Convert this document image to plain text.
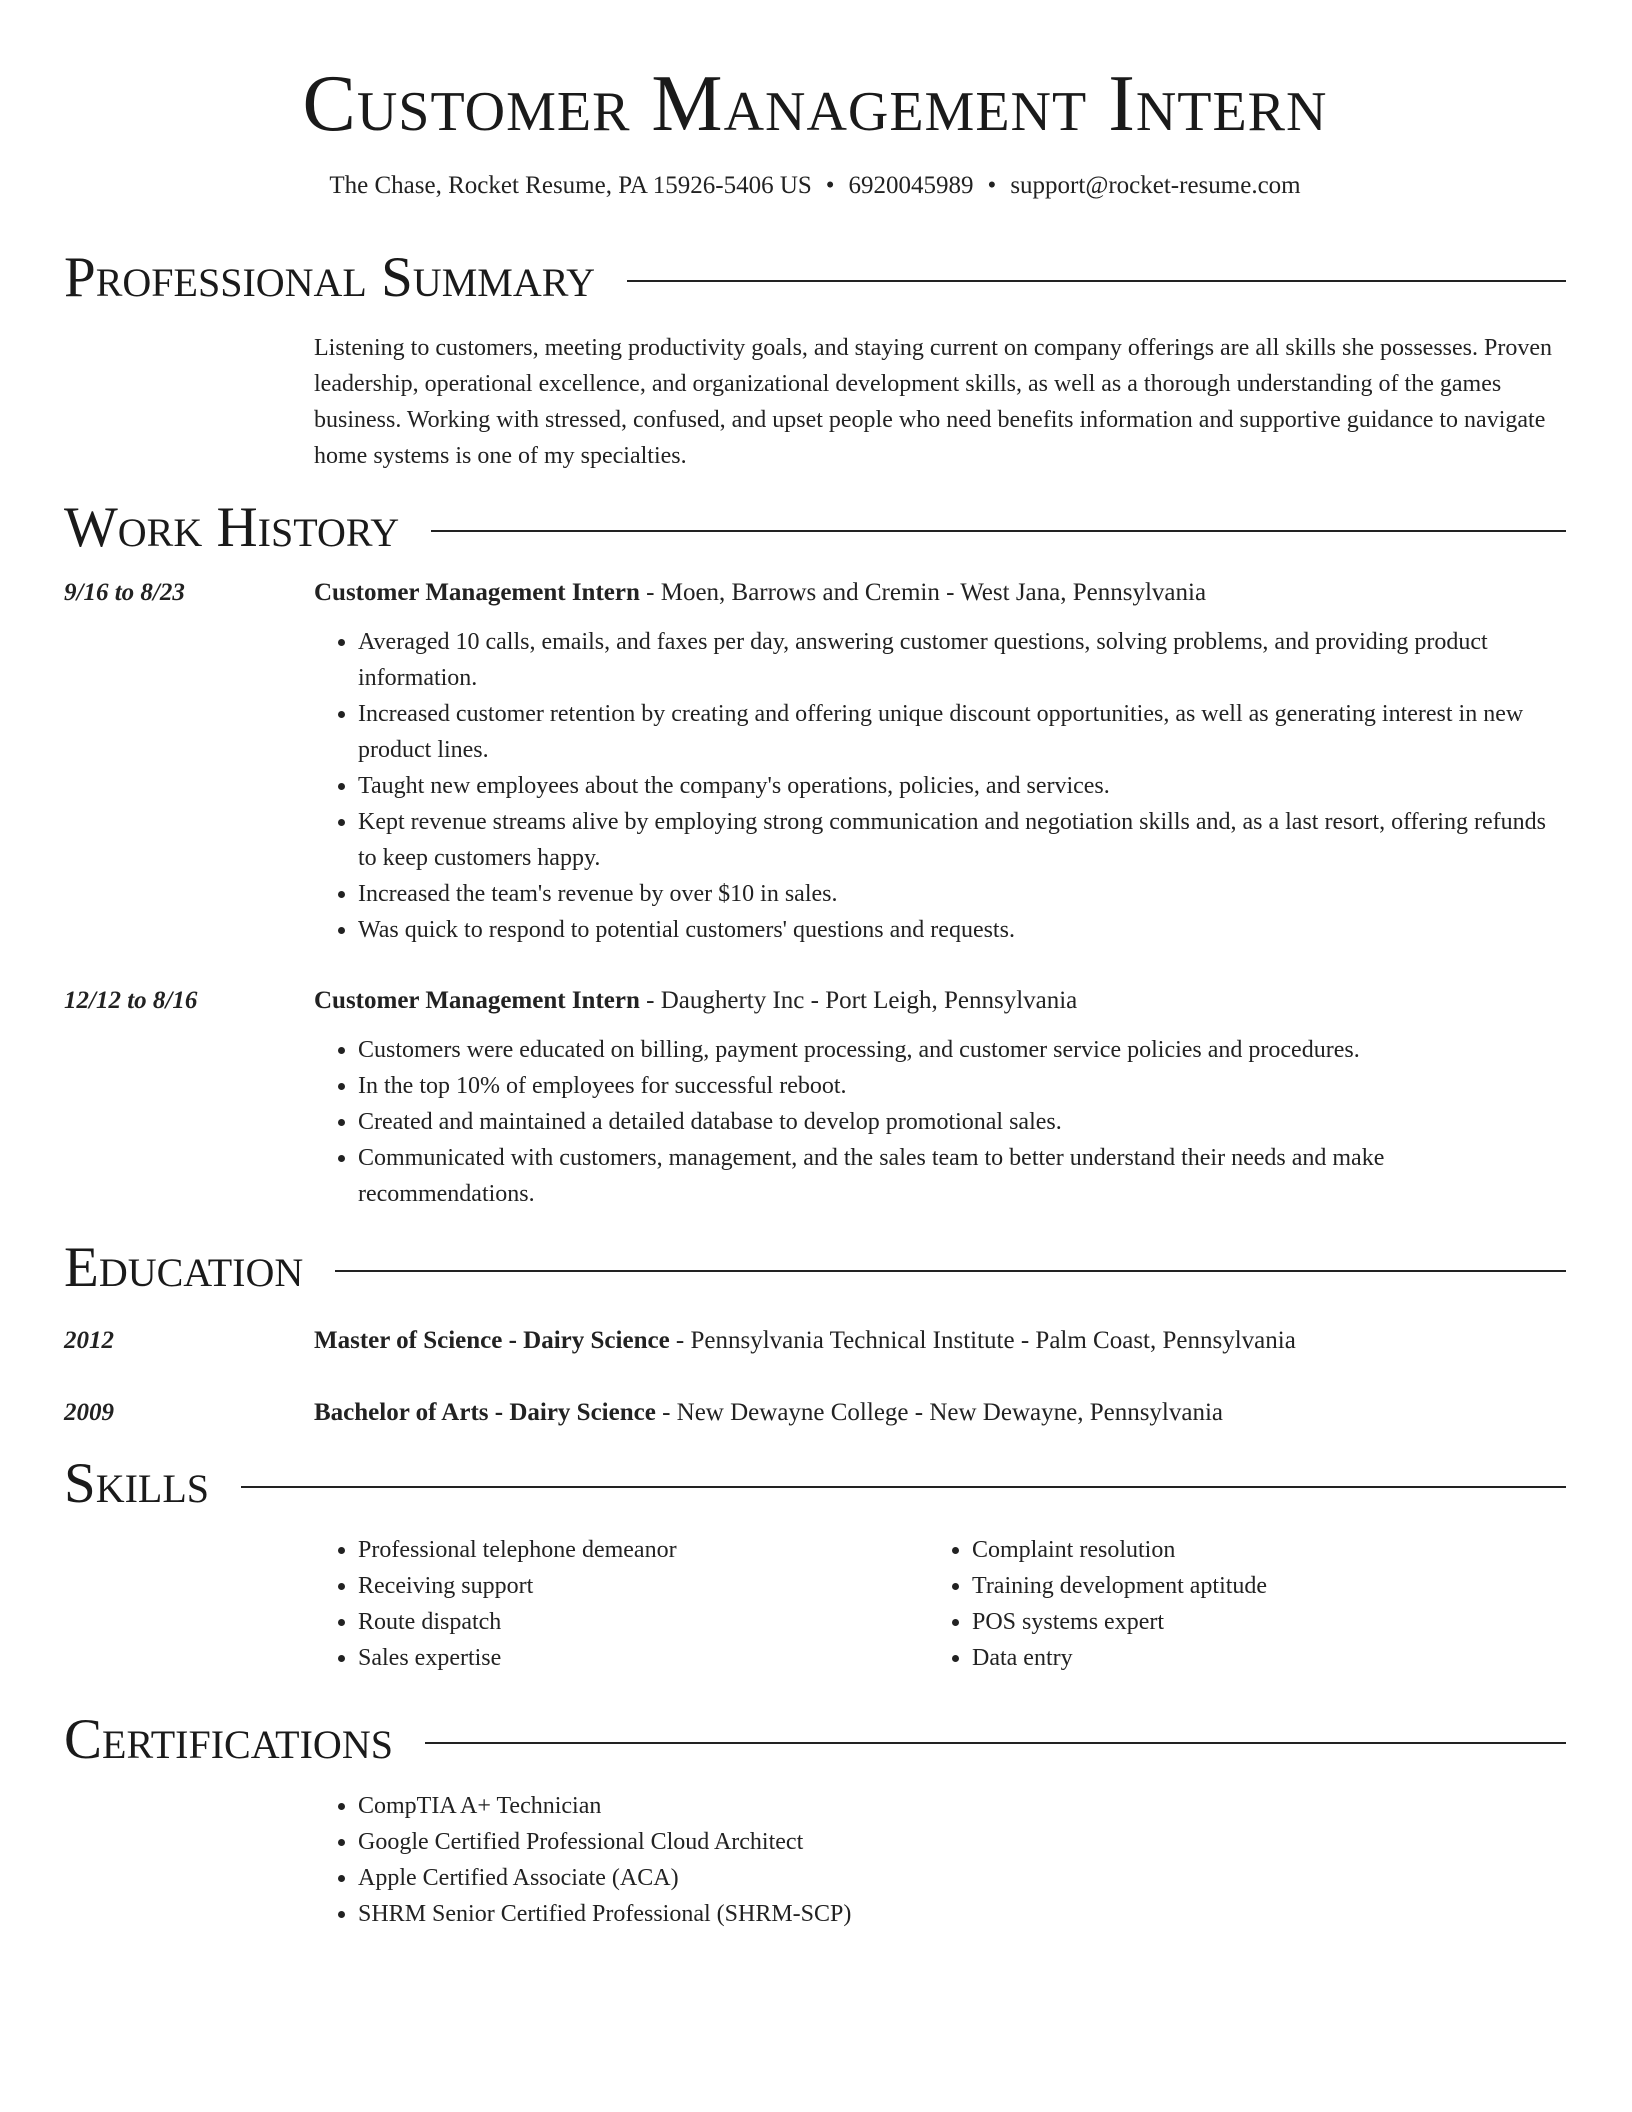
Customer Management Intern
The Chase, Rocket Resume, PA 15926-5406 US • 6920045989 • support@rocket-resume.com
Professional Summary
Listening to customers, meeting productivity goals, and staying current on company offerings are all skills she possesses. Proven leadership, operational excellence, and organizational development skills, as well as a thorough understanding of the games business. Working with stressed, confused, and upset people who need benefits information and supportive guidance to navigate home systems is one of my specialties.
Work History
9/16 to 8/23	Customer Management Intern - Moen, Barrows and Cremin - West Jana, Pennsylvania
• Averaged 10 calls, emails, and faxes per day, answering customer questions, solving problems, and providing product information.
• Increased customer retention by creating and offering unique discount opportunities, as well as generating interest in new product lines.
• Taught new employees about the company's operations, policies, and services.
• Kept revenue streams alive by employing strong communication and negotiation skills and, as a last resort, offering refunds to keep customers happy.
• Increased the team's revenue by over $10 in sales.
• Was quick to respond to potential customers' questions and requests.
12/12 to 8/16	Customer Management Intern - Daugherty Inc - Port Leigh, Pennsylvania
• Customers were educated on billing, payment processing, and customer service policies and procedures.
• In the top 10% of employees for successful reboot.
• Created and maintained a detailed database to develop promotional sales.
• Communicated with customers, management, and the sales team to better understand their needs and make recommendations.
Education
2012	Master of Science - Dairy Science - Pennsylvania Technical Institute - Palm Coast, Pennsylvania
2009	Bachelor of Arts - Dairy Science - New Dewayne College - New Dewayne, Pennsylvania
Skills
• Professional telephone demeanor
• Receiving support
• Route dispatch
• Sales expertise
• Complaint resolution
• Training development aptitude
• POS systems expert
• Data entry
Certifications
• CompTIA A+ Technician
• Google Certified Professional Cloud Architect
• Apple Certified Associate (ACA)
• SHRM Senior Certified Professional (SHRM-SCP)
